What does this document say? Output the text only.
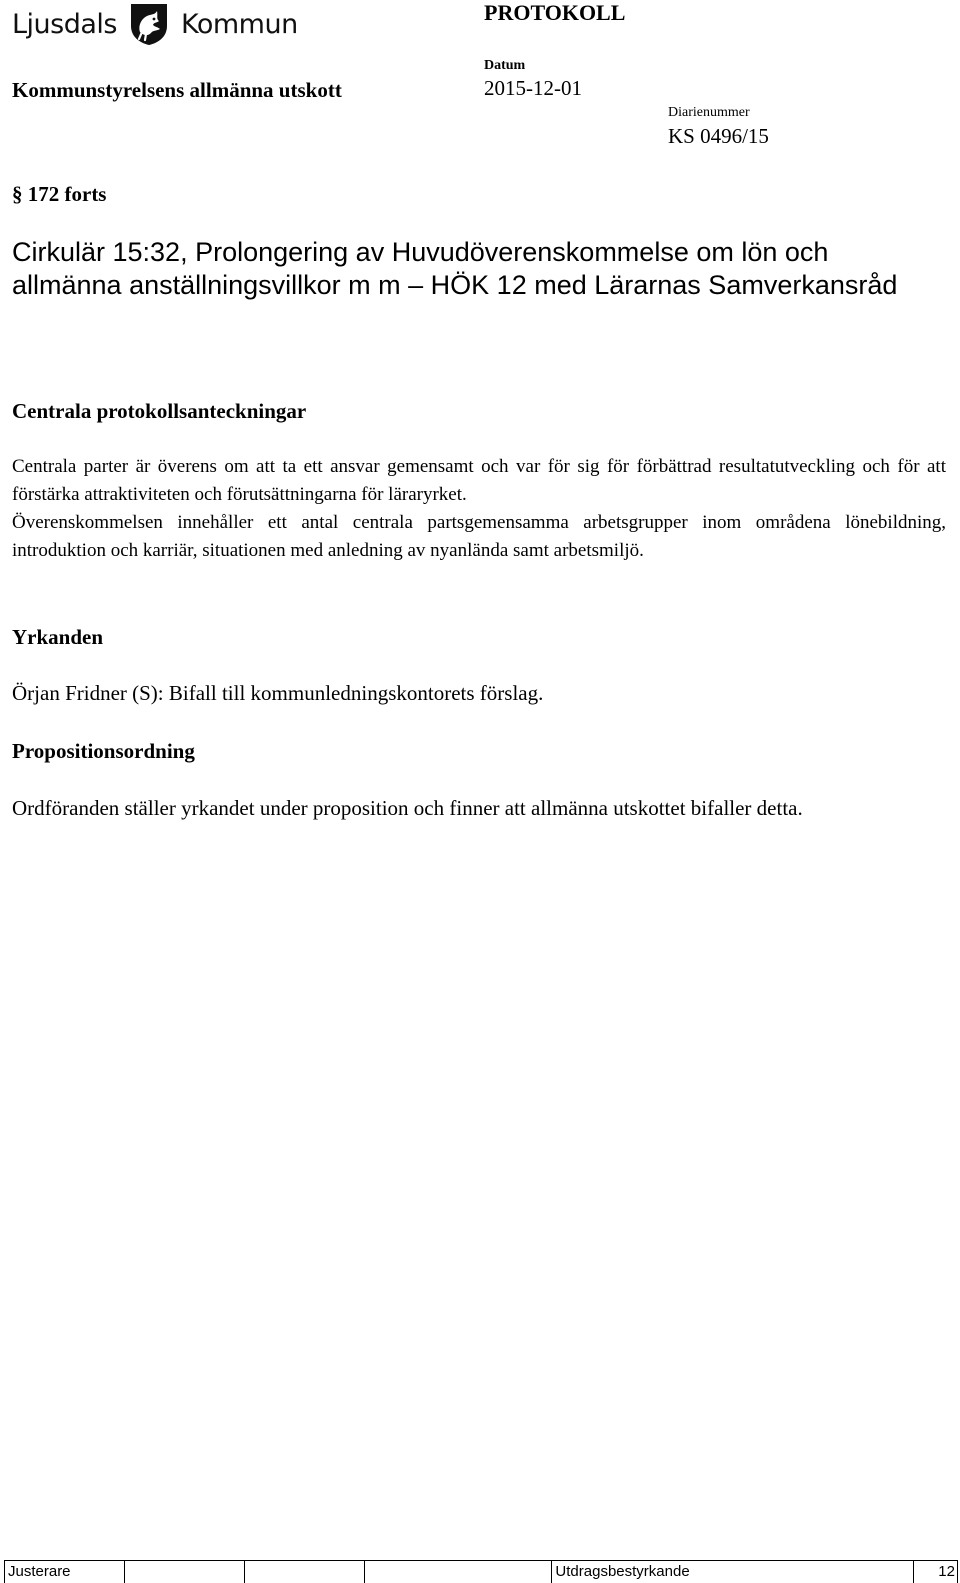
Ljusdals Kommun	PROTOKOLL
Kommunstyrelsens allmänna utskott
Datum
2015-12-01
Diarienummer
KS 0496/15
§ 172 forts
Cirkulär 15:32, Prolongering av Huvudöverenskommelse om lön och allmänna anställningsvillkor m m – HÖK 12 med Lärarnas Samverkansråd
Centrala protokollsanteckningar

Centrala parter är överens om att ta ett ansvar gemensamt och var för sig för förbättrad resultatutveckling och för att förstärka attraktiviteten och förutsättningarna för läraryrket.

Överenskommelsen innehåller ett antal centrala partsgemensamma arbetsgrupper inom områdena lönebildning, introduktion och karriär, situationen med anledning av nyanlända samt arbetsmiljö.

Yrkanden
Örjan Fridner (S): Bifall till kommunledningskontorets förslag.
Propositionsordning
Ordföranden ställer yrkandet under proposition och finner att allmänna utskottet bifaller detta.
Justerare	Utdragsbestyrkande	12
